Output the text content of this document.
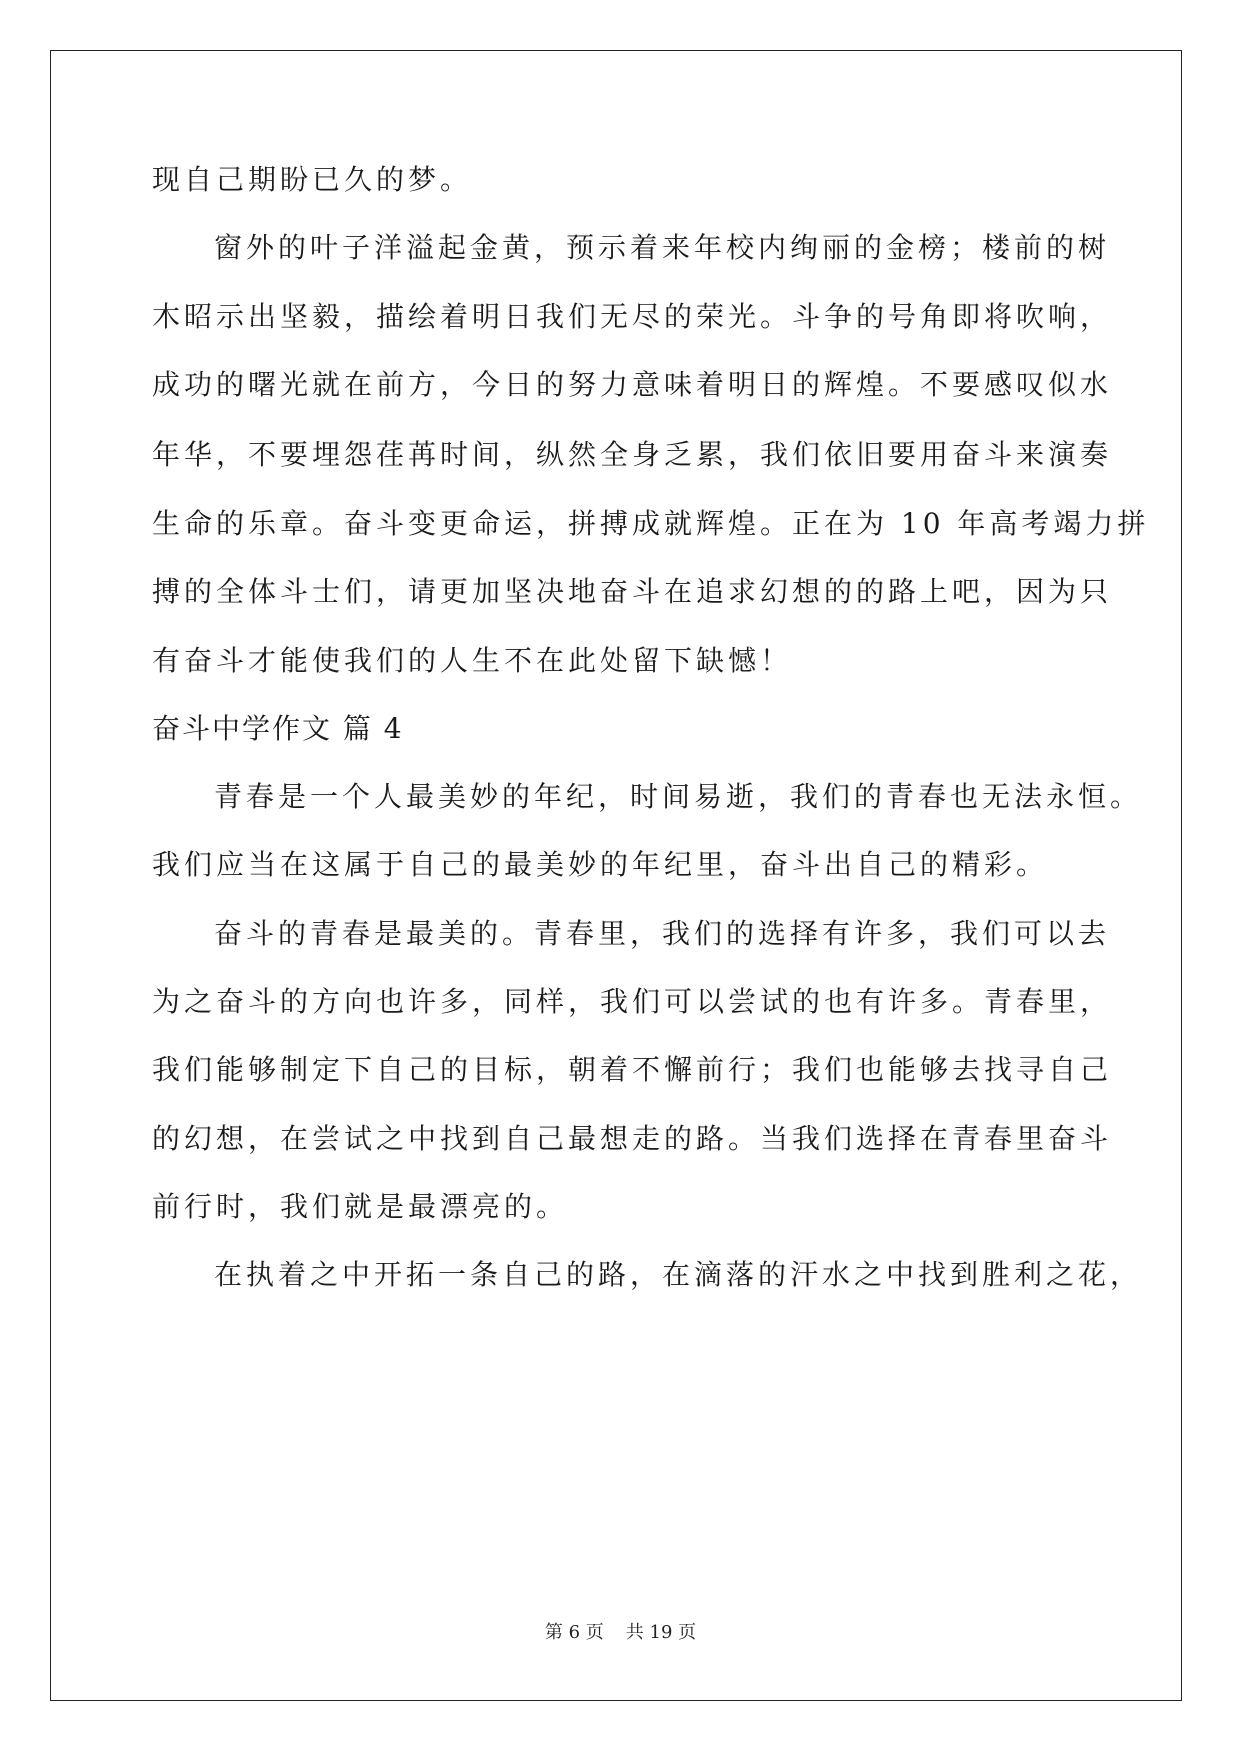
现自己期盼已久的梦。
窗外的叶子洋溢起金黄，预示着来年校内绚丽的金榜；楼前的树
木昭示出坚毅，描绘着明日我们无尽的荣光。斗争的号角即将吹响，
成功的曙光就在前方，今日的努力意味着明日的辉煌。不要感叹似水
年华，不要埋怨荏苒时间，纵然全身乏累，我们依旧要用奋斗来演奏
生命的乐章。奋斗变更命运，拼搏成就辉煌。正在为 10 年高考竭力拼
搏的全体斗士们，请更加坚决地奋斗在追求幻想的的路上吧，因为只
有奋斗才能使我们的人生不在此处留下缺憾！
奋斗中学作文 篇 4
青春是一个人最美妙的年纪，时间易逝，我们的青春也无法永恒。
我们应当在这属于自己的最美妙的年纪里，奋斗出自己的精彩。
奋斗的青春是最美的。青春里，我们的选择有许多，我们可以去
为之奋斗的方向也许多，同样，我们可以尝试的也有许多。青春里，
我们能够制定下自己的目标，朝着不懈前行；我们也能够去找寻自己
的幻想，在尝试之中找到自己最想走的路。当我们选择在青春里奋斗
前行时，我们就是最漂亮的。
在执着之中开拓一条自己的路，在滴落的汗水之中找到胜利之花，
第 6 页 共 19 页
